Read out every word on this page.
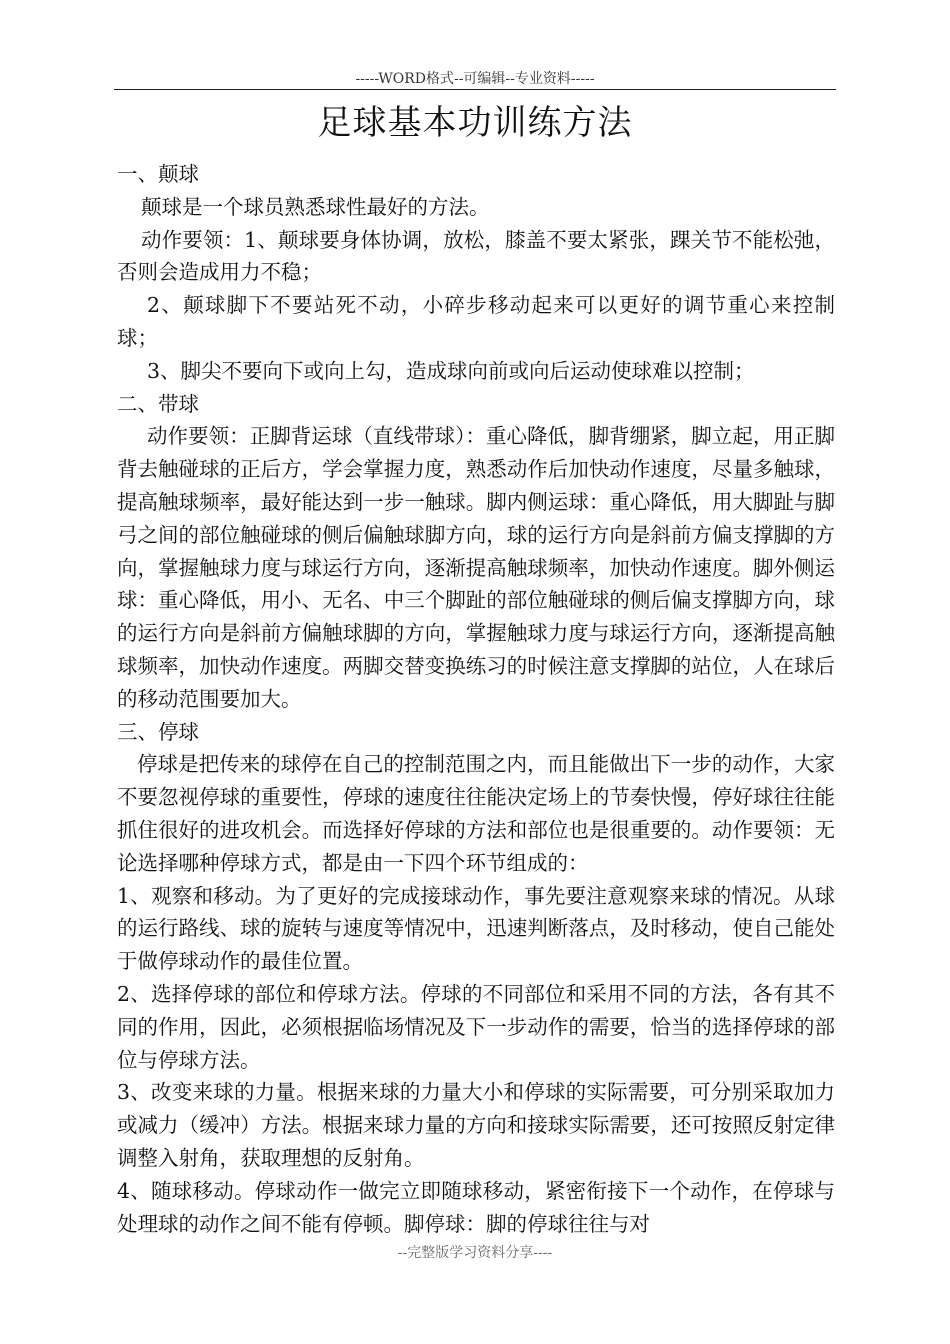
-----WORD格式--可编辑--专业资料-----
足球基本功训练方法

一、颠球

颠球是一个球员熟悉球性最好的方法。

动作要领：1、颠球要身体协调，放松，膝盖不要太紧张，踝关节不能松弛，否则会造成用力不稳；

2、颠球脚下不要站死不动，小碎步移动起来可以更好的调节重心来控制球；

3、脚尖不要向下或向上勾，造成球向前或向后运动使球难以控制；

二、带球

动作要领：正脚背运球（直线带球）：重心降低，脚背绷紧，脚立起，用正脚背去触碰球的正后方，学会掌握力度，熟悉动作后加快动作速度，尽量多触球，提高触球频率，最好能达到一步一触球。脚内侧运球：重心降低，用大脚趾与脚弓之间的部位触碰球的侧后偏触球脚方向，球的运行方向是斜前方偏支撑脚的方向，掌握触球力度与球运行方向，逐渐提高触球频率，加快动作速度。脚外侧运球：重心降低，用小、无名、中三个脚趾的部位触碰球的侧后偏支撑脚方向，球的运行方向是斜前方偏触球脚的方向，掌握触球力度与球运行方向，逐渐提高触球频率，加快动作速度。两脚交替变换练习的时候注意支撑脚的站位，人在球后的移动范围要加大。

三、停球

停球是把传来的球停在自己的控制范围之内，而且能做出下一步的动作，大家不要忽视停球的重要性，停球的速度往往能决定场上的节奏快慢，停好球往往能抓住很好的进攻机会。而选择好停球的方法和部位也是很重要的。动作要领：无论选择哪种停球方式，都是由一下四个环节组成的：

1、观察和移动。为了更好的完成接球动作，事先要注意观察来球的情况。从球的运行路线、球的旋转与速度等情况中，迅速判断落点，及时移动，使自己能处于做停球动作的最佳位置。

2、选择停球的部位和停球方法。停球的不同部位和采用不同的方法，各有其不同的作用，因此，必须根据临场情况及下一步动作的需要，恰当的选择停球的部位与停球方法。

3、改变来球的力量。根据来球的力量大小和停球的实际需要，可分别采取加力或减力（缓冲）方法。根据来球力量的方向和接球实际需要，还可按照反射定律调整入射角，获取理想的反射角。

4、随球移动。停球动作一做完立即随球移动，紧密衔接下一个动作，在停球与处理球的动作之间不能有停顿。脚停球：脚的停球往往与对

--完整版学习资料分享----
